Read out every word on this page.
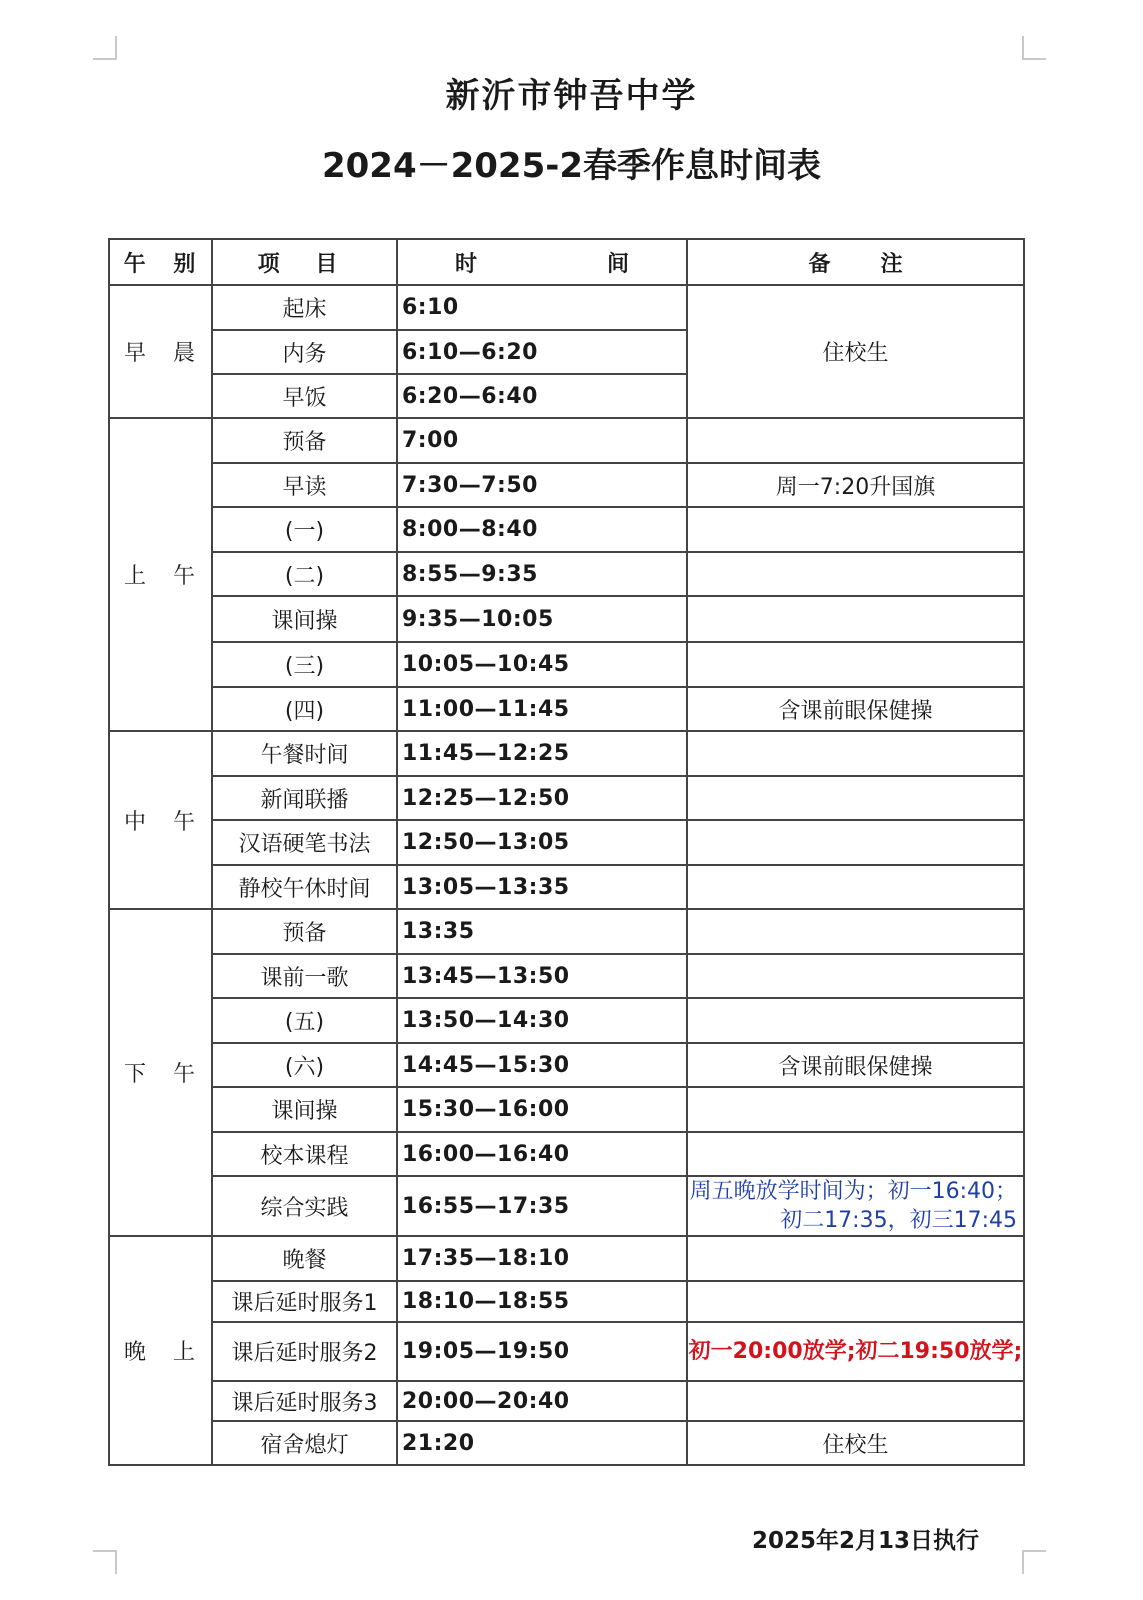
新沂市钟吾中学
2024－2025-2春季作息时间表
午 别	项 目	时 间	备 注
早 晨	起床	6:10	住校生
	内务	6:10—6:20	
	早饭	6:20—6:40	
上 午	预备	7:00	
	早读	7:30—7:50	周一7:20升国旗
	(一)	8:00—8:40	
	(二)	8:55—9:35	
	课间操	9:35—10:05	
	(三)	10:05—10:45	
	(四)	11:00—11:45	含课前眼保健操
中 午	午餐时间	11:45—12:25	
	新闻联播	12:25—12:50	
	汉语硬笔书法	12:50—13:05	
	静校午休时间	13:05—13:35	
下 午	预备	13:35	
	课前一歌	13:45—13:50	
	(五)	13:50—14:30	
	(六)	14:45—15:30	含课前眼保健操
	课间操	15:30—16:00	
	校本课程	16:00—16:40	
	综合实践	16:55—17:35	周五晚放学时间为；初一16:40；初二17:35，初三17:45
晚 上	晚餐	17:35—18:10	
	课后延时服务1	18:10—18:55	
	课后延时服务2	19:05—19:50	初一20:00放学;初二19:50放学;
	课后延时服务3	20:00—20:40	
	宿舍熄灯	21:20	住校生
2025年2月13日执行
